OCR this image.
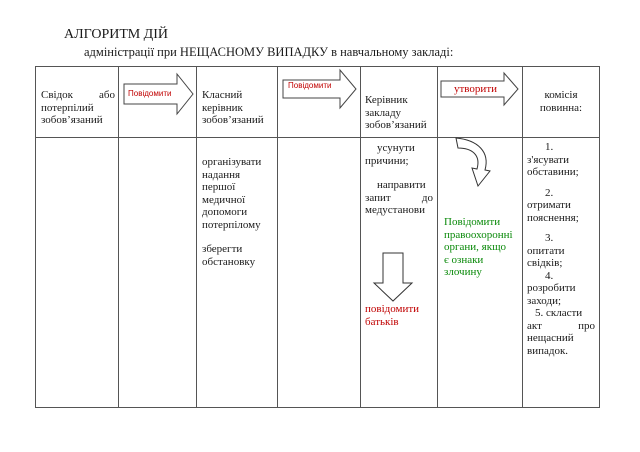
АЛГОРИТМ ДІЙ
адміністрації при НЕЩАСНОМУ ВИПАДКУ в навчальному закладі:
Свідок або
потерпілий
зобов’язаний
Повідомити	Класний
керівник
зобов’язаний
Повідомити
Керівник
закладу
зобов’язаний
утворити	комісія
повинна:
організувати
надання
першої
медичної
допомоги
потерпілому
зберегти
обстановку
усунути
причини;
направити
запит до
медустанови
повідомити
батьків
Повідомити
правоохоронні
органи, якщо
є ознаки
злочину
1.
з'ясувати
обставини;
2.
отримати
пояснення;
3.
опитати
свідків;
4.
розробити
заходи;
5. скласти
акт про
нещасний
випадок.
